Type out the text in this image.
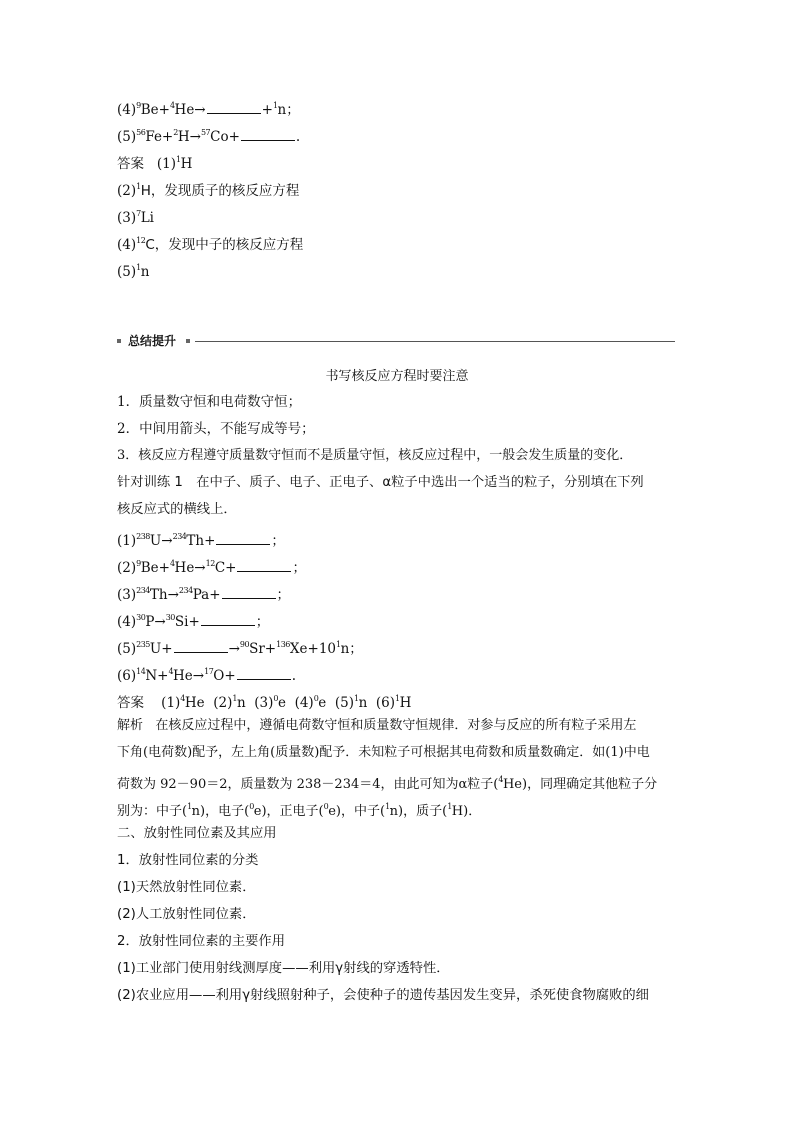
$(4)^9Be+^4He\to$	+$^1$n；
$(5)^{56}Fe+^2H\to^{57}Co+$	.
答案 $(1)^1H$
$(2)^1H$，发现质子的核反应方程
$(3)^7Li$
$(4)^{12}C$，发现中子的核反应方程
$(5)^1n$
总结提升
书写核反应方程时要注意
1．质量数守恒和电荷数守恒；
2．中间用箭头，不能写成等号；
3．核反应方程遵守质量数守恒而不是质量守恒，核反应过程中，一般会发生质量的变化．
针对训练 1　在中子、质子、电子、正电子、α粒子中选出一个适当的粒子，分别填在下列
核反应式的横线上．
$(1)^{238}U\to^{234}Th+$	；
$(2)^9Be+^4He\to^{12}C+$	；
$(3)^{234}Th\to^{234}Pa+$	；
$(4)^{30}P\to^{30}Si+$	；
$(5)^{235}U+$	$\to^{90}Sr+^{136}Xe+10^1n$；
$(6)^{14}N+^4He\to^{17}O+$	.
答案 $(1)^4He$ $(2)^1n$ $(3)^0e$ $(4)^0e$ $(5)^1n$ $(6)^1H$
解析 在核反应过程中，遵循电荷数守恒和质量数守恒规律．对参与反应的所有粒子采用左
下角(电荷数)配予，左上角(质量数)配予．未知粒子可根据其电荷数和质量数确定．如(1)中电
荷数为 92－90＝2，质量数为 238－234＝4，由此可知为α粒子($^4$He)，同理确定其他粒子分
别为：中子($^1$n)，电子($^0$e)，正电子($^0$e)，中子($^1$n)，质子($^1$H)．
二、放射性同位素及其应用
1．放射性同位素的分类
(1)天然放射性同位素．
(2)人工放射性同位素．
2．放射性同位素的主要作用
(1)工业部门使用射线测厚度——利用γ射线的穿透特性．
(2)农业应用——利用γ射线照射种子，会使种子的遗传基因发生变异，杀死使食物腐败的细
